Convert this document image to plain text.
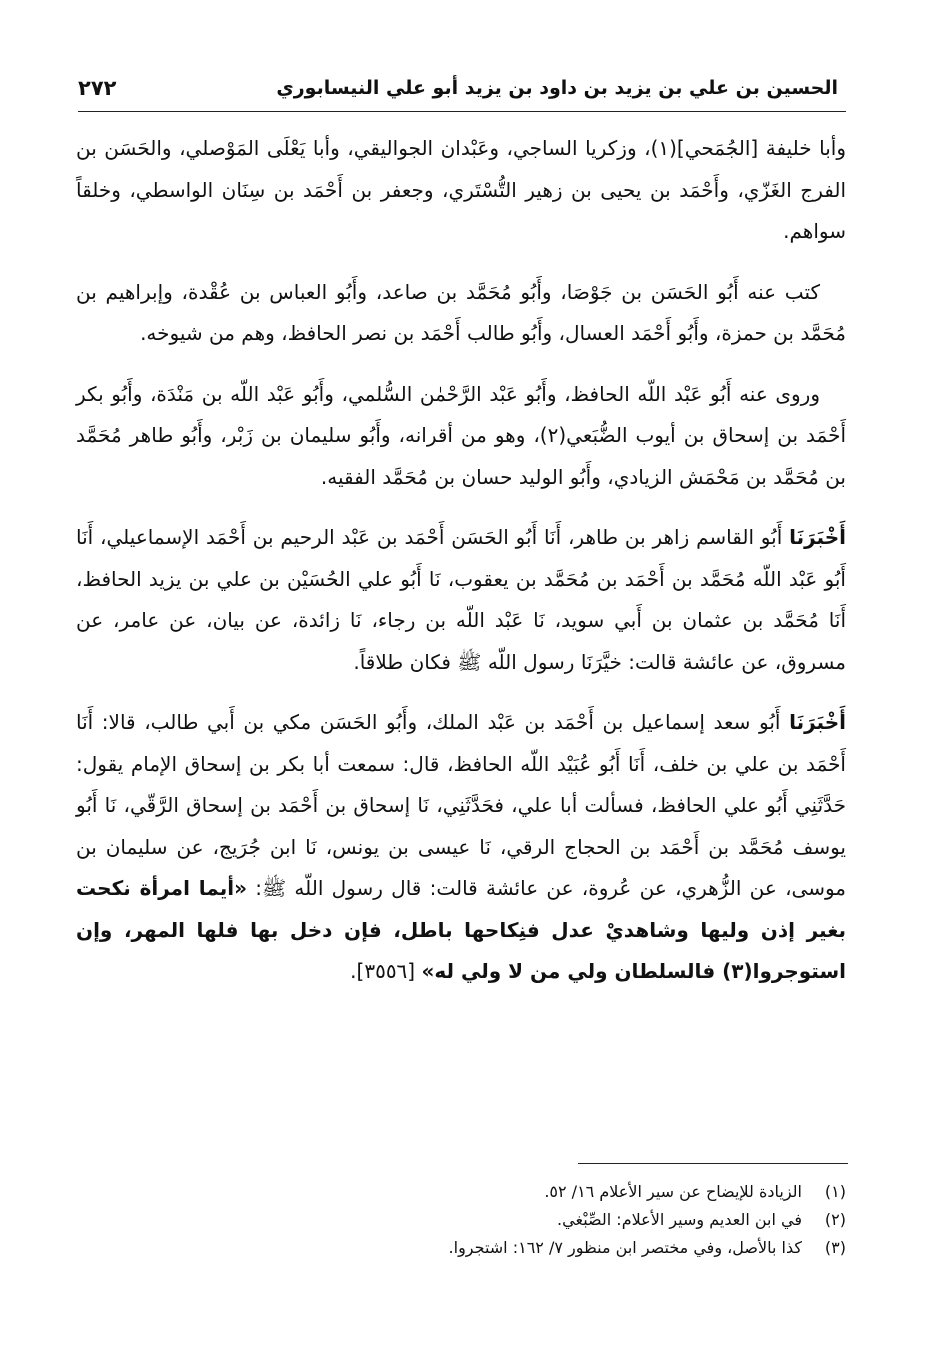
٢٧٢	الحسين بن علي بن يزيد بن داود بن يزيد أبو علي النيسابوري

وأبا خليفة [الجُمَحي](١)، وزكريا الساجي، وعَبْدان الجواليقي، وأبا يَعْلَى المَوْصلي، والحَسَن بن الفرج الغَزّي، وأَحْمَد بن يحيى بن زهير التُّسْتَري، وجعفر بن أَحْمَد بن سِنَان الواسطي، وخلقاً سواهم.

كتب عنه أَبُو الحَسَن بن جَوْصَا، وأَبُو مُحَمَّد بن صاعد، وأَبُو العباس بن عُقْدة، وإبراهيم بن مُحَمَّد بن حمزة، وأَبُو أَحْمَد العسال، وأَبُو طالب أَحْمَد بن نصر الحافظ، وهم من شيوخه.

وروى عنه أَبُو عَبْد اللّه الحافظ، وأَبُو عَبْد الرَّحْمٰن السُّلمي، وأَبُو عَبْد اللّه بن مَنْدَة، وأَبُو بكر أَحْمَد بن إسحاق بن أيوب الضُّبَعي(٢)، وهو من أقرانه، وأَبُو سليمان بن زَبْر، وأَبُو طاهر مُحَمَّد بن مُحَمَّد بن مَحْمَش الزيادي، وأَبُو الوليد حسان بن مُحَمَّد الفقيه.

أَخْبَرَنَا أَبُو القاسم زاهر بن طاهر، أَنَا أَبُو الحَسَن أَحْمَد بن عَبْد الرحيم بن أَحْمَد الإسماعيلي، أَنَا أَبُو عَبْد اللّه مُحَمَّد بن أَحْمَد بن مُحَمَّد بن يعقوب، نَا أَبُو علي الحُسَيْن بن علي بن يزيد الحافظ، أَنَا مُحَمَّد بن عثمان بن أَبي سويد، نَا عَبْد اللّه بن رجاء، نَا زائدة، عن بيان، عن عامر، عن مسروق، عن عائشة قالت: خيَّرَنَا رسول اللّه ﷺ فكان طلاقاً.

أَخْبَرَنَا أَبُو سعد إسماعيل بن أَحْمَد بن عَبْد الملك، وأَبُو الحَسَن مكي بن أَبي طالب، قالا: أَنَا أَحْمَد بن علي بن خلف، أَنَا أَبُو عُبَيْد اللّه الحافظ، قال: سمعت أبا بكر بن إسحاق الإمام يقول: حَدَّثَنِي أَبُو علي الحافظ، فسألت أبا علي، فحَدَّثَنِي، نَا إسحاق بن أَحْمَد بن إسحاق الرَّقّي، نَا أَبُو يوسف مُحَمَّد بن أَحْمَد بن الحجاج الرقي، نَا عيسى بن يونس، نَا ابن جُرَيج، عن سليمان بن موسى، عن الزُّهري، عن عُروة، عن عائشة قالت: قال رسول اللّه ﷺ: «أيما امرأة نكحت بغير إذن وليها وشاهديْ عدل فنِكاحها باطل، فإن دخل بها فلها المهر، وإن استوجروا(٣) فالسلطان ولي من لا ولي له» [٣٥٥٦].

(١)
الزيادة للإيضاح عن سير الأعلام ١٦/ ٥٢.
(٢)
في ابن العديم وسير الأعلام: الصِّبْغي.
(٣)
كذا بالأصل، وفي مختصر ابن منظور ٧/ ١٦٢: اشتجروا.
